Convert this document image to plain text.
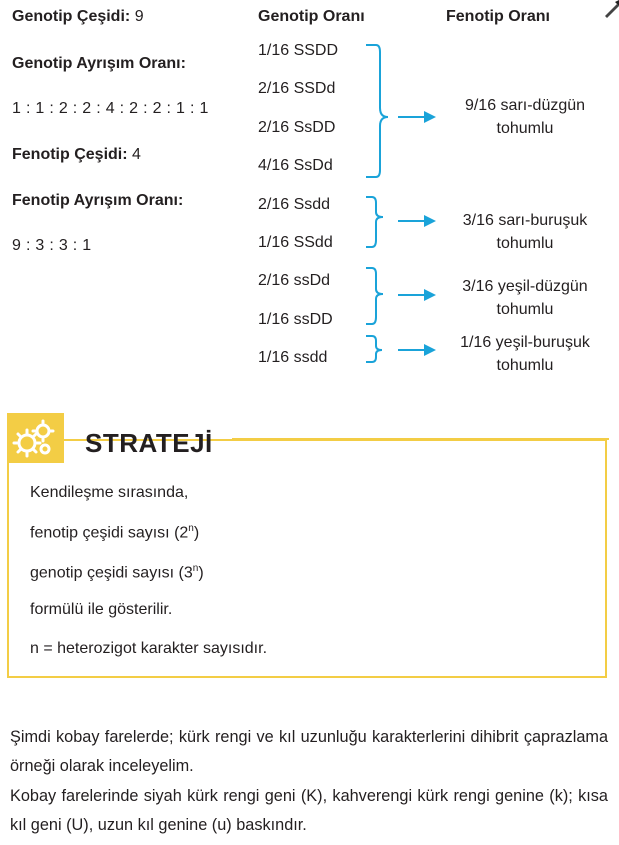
Genotip Çeşidi: 9
Genotip Ayrışım Oranı:
1 : 1 : 2 : 2 : 4 : 2 : 2 : 1 : 1
Fenotip Çeşidi: 4
Fenotip Ayrışım Oranı:
9 : 3 : 3 : 1
Genotip Oranı	Fenotip Oranı
1/16 SSDD
2/16 SSDd
2/16 SsDD
4/16 SsDd
2/16 Ssdd
1/16 SSdd
2/16 ssDd
1/16 ssDD
1/16 ssdd
9/16 sarı-düzgün
tohumlu
3/16 sarı-buruşuk
tohumlu
3/16 yeşil-düzgün
tohumlu
1/16 yeşil-buruşuk
tohumlu
STRATEJİ
Kendileşme sırasında,
fenotip çeşidi sayısı (2$^n$)
genotip çeşidi sayısı (3$^n$)
formülü ile gösterilir.
n = heterozigot karakter sayısıdır.

Şimdi kobay farelerde; kürk rengi ve kıl uzunluğu karakterlerini dihibrit çaprazlama örneği olarak inceleyelim.

Kobay farelerinde siyah kürk rengi geni (K), kahverengi kürk rengi genine (k); kısa kıl geni (U), uzun kıl genine (u) baskındır.
